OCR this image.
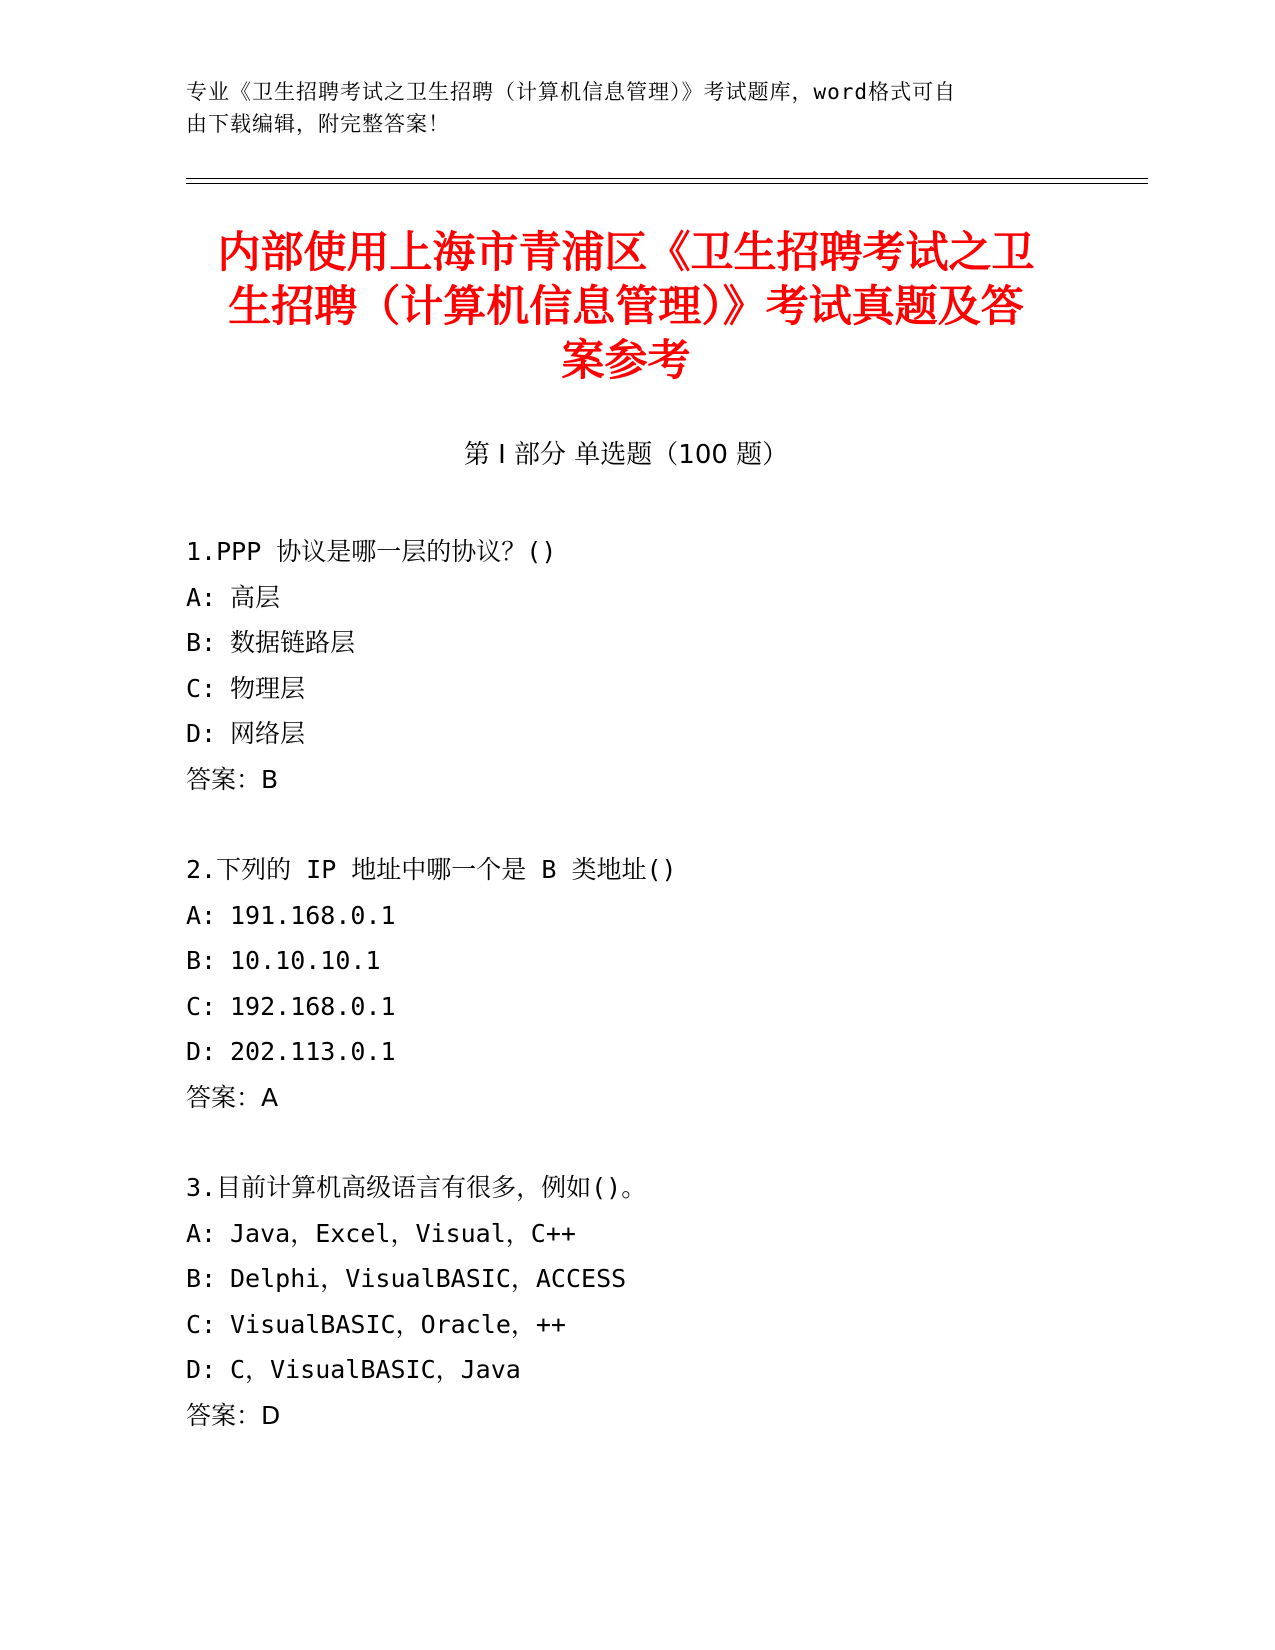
专业《卫生招聘考试之卫生招聘（计算机信息管理）》考试题库，word格式可自
由下载编辑，附完整答案！
内部使用上海市青浦区《卫生招聘考试之卫
生招聘（计算机信息管理）》考试真题及答
案参考
第 I 部分 单选题（100 题）
1.PPP 协议是哪一层的协议？()
A: 高层
B: 数据链路层
C: 物理层
D: 网络层
答案：B
2.下列的 IP 地址中哪一个是 B 类地址()
A: 191.168.0.1
B: 10.10.10.1
C: 192.168.0.1
D: 202.113.0.1
答案：A
3.目前计算机高级语言有很多，例如()。
A: Java，Excel，Visual，C++
B: Delphi，VisualBASIC，ACCESS
C: VisualBASIC，Oracle，++
D: C，VisualBASIC，Java
答案：D
